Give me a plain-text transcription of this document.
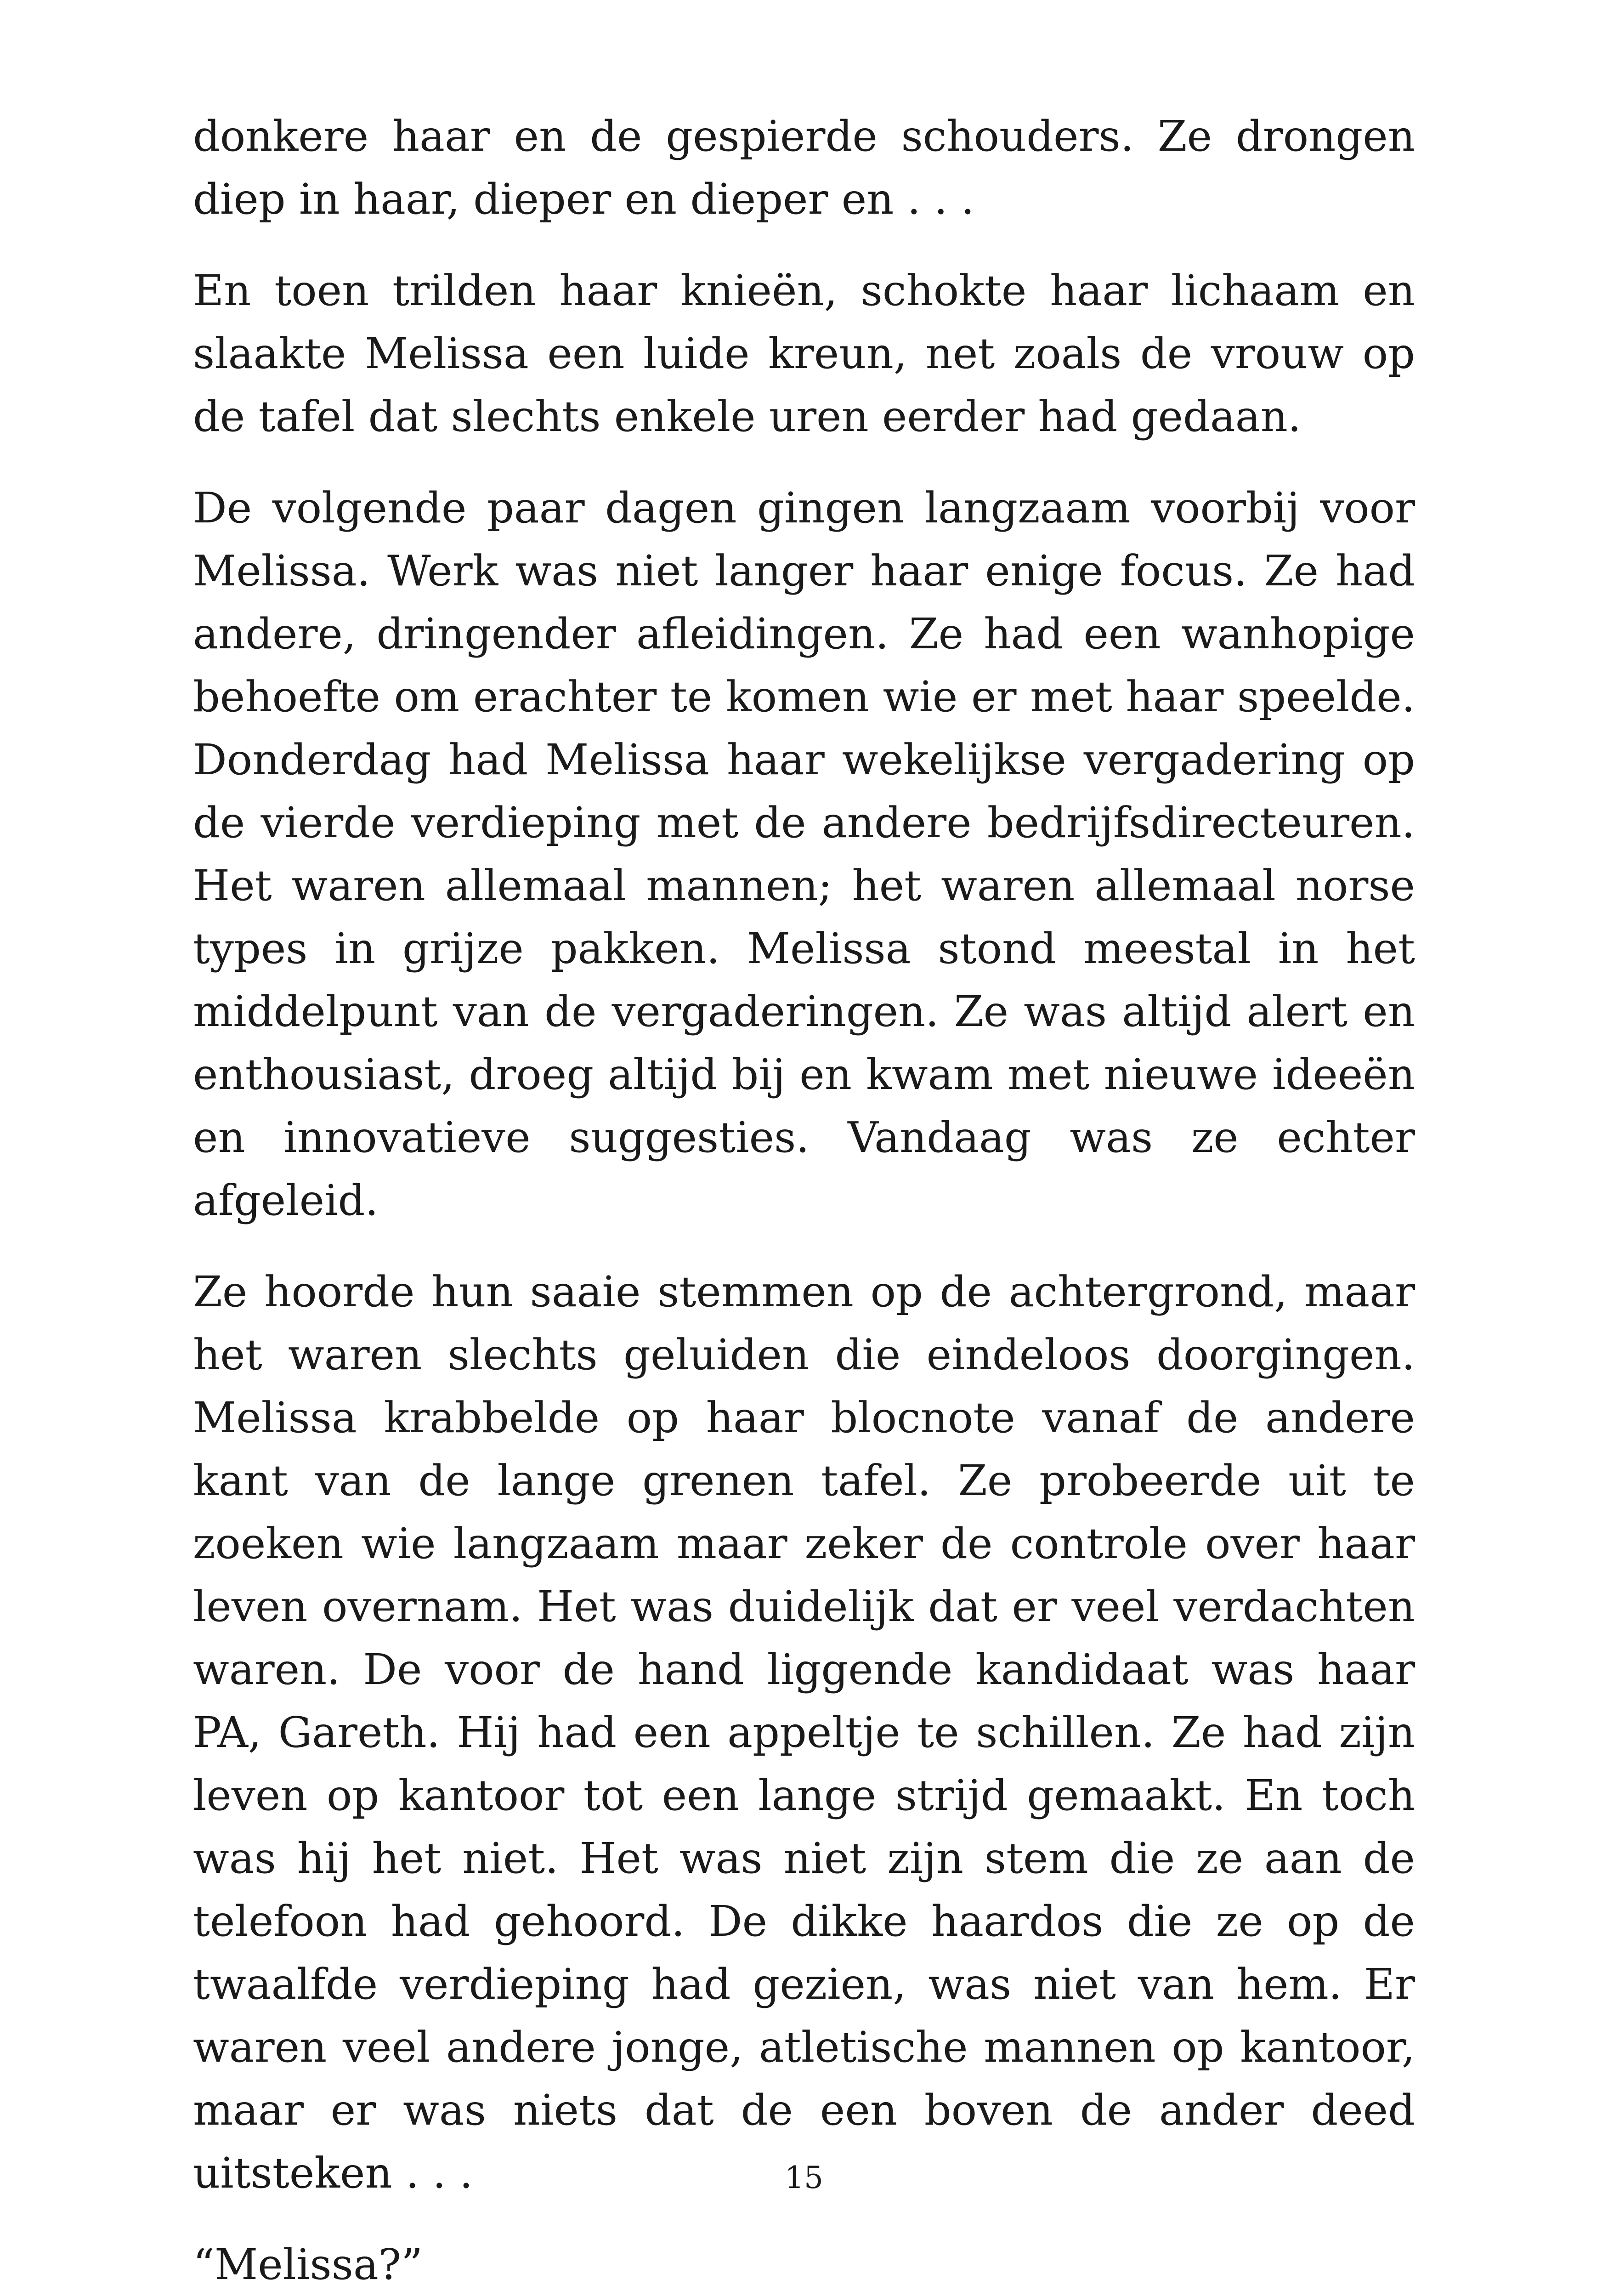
donkere haar en de gespierde schouders. Ze drongen diep in haar, dieper en dieper en . . .

En toen trilden haar knieën, schokte haar lichaam en slaakte Melissa een luide kreun, net zoals de vrouw op de tafel dat slechts enkele uren eerder had gedaan.

De volgende paar dagen gingen langzaam voorbij voor Melissa. Werk was niet langer haar enige focus. Ze had andere, dringender afleidingen. Ze had een wanhopige behoefte om erachter te komen wie er met haar speelde. Donderdag had Melissa haar wekelijkse vergadering op de vierde verdieping met de andere bedrijfsdirecteuren. Het waren allemaal mannen; het waren allemaal norse types in grijze pakken. Melissa stond meestal in het middelpunt van de vergaderingen. Ze was altijd alert en enthousiast, droeg altijd bij en kwam met nieuwe ideeën en innovatieve suggesties. Vandaag was ze echter afgeleid.

Ze hoorde hun saaie stemmen op de achtergrond, maar het waren slechts geluiden die eindeloos doorgingen. Melissa krabbelde op haar blocnote vanaf de andere kant van de lange grenen tafel. Ze probeerde uit te zoeken wie langzaam maar zeker de controle over haar leven overnam. Het was duidelijk dat er veel verdachten waren. De voor de hand liggende kandidaat was haar PA, Gareth. Hij had een appeltje te schillen. Ze had zijn leven op kantoor tot een lange strijd gemaakt. En toch was hij het niet. Het was niet zijn stem die ze aan de telefoon had gehoord. De dikke haardos die ze op de twaalfde verdieping had gezien, was niet van hem. Er waren veel andere jonge, atletische mannen op kantoor, maar er was niets dat de een boven de ander deed uitsteken . . .

“Melissa?”

15
